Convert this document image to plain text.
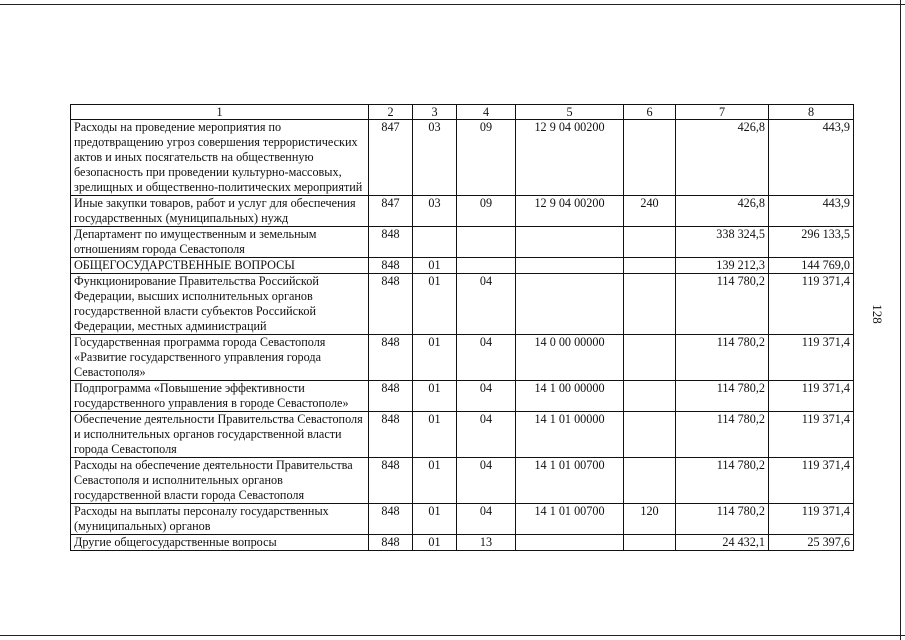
128
1	2	3	4	5	6	7	8
Расходы на проведение мероприятия по предотвращению угроз совершения террористических актов и иных посягательств на общественную безопасность при проведении культурно-массовых, зрелищных и общественно-политических мероприятий	847	03	09	12 9 04 00200		426,8	443,9
Иные закупки товаров, работ и услуг для обеспечения государственных (муниципальных) нужд	847	03	09	12 9 04 00200	240	426,8	443,9
Департамент по имущественным и земельным отношениям города Севастополя	848					338 324,5	296 133,5
ОБЩЕГОСУДАРСТВЕННЫЕ ВОПРОСЫ	848	01				139 212,3	144 769,0
Функционирование Правительства Российской Федерации, высших исполнительных органов государственной власти субъектов Российской Федерации, местных администраций	848	01	04			114 780,2	119 371,4
Государственная программа города Севастополя «Развитие государственного управления города Севастополя»	848	01	04	14 0 00 00000		114 780,2	119 371,4
Подпрограмма «Повышение эффективности государственного управления в городе Севастополе»	848	01	04	14 1 00 00000		114 780,2	119 371,4
Обеспечение деятельности Правительства Севастополя и исполнительных органов государственной власти города Севастополя	848	01	04	14 1 01 00000		114 780,2	119 371,4
Расходы на обеспечение деятельности Правительства Севастополя и исполнительных органов государственной власти города Севастополя	848	01	04	14 1 01 00700		114 780,2	119 371,4
Расходы на выплаты персоналу государственных (муниципальных) органов	848	01	04	14 1 01 00700	120	114 780,2	119 371,4
Другие общегосударственные вопросы	848	01	13			24 432,1	25 397,6
